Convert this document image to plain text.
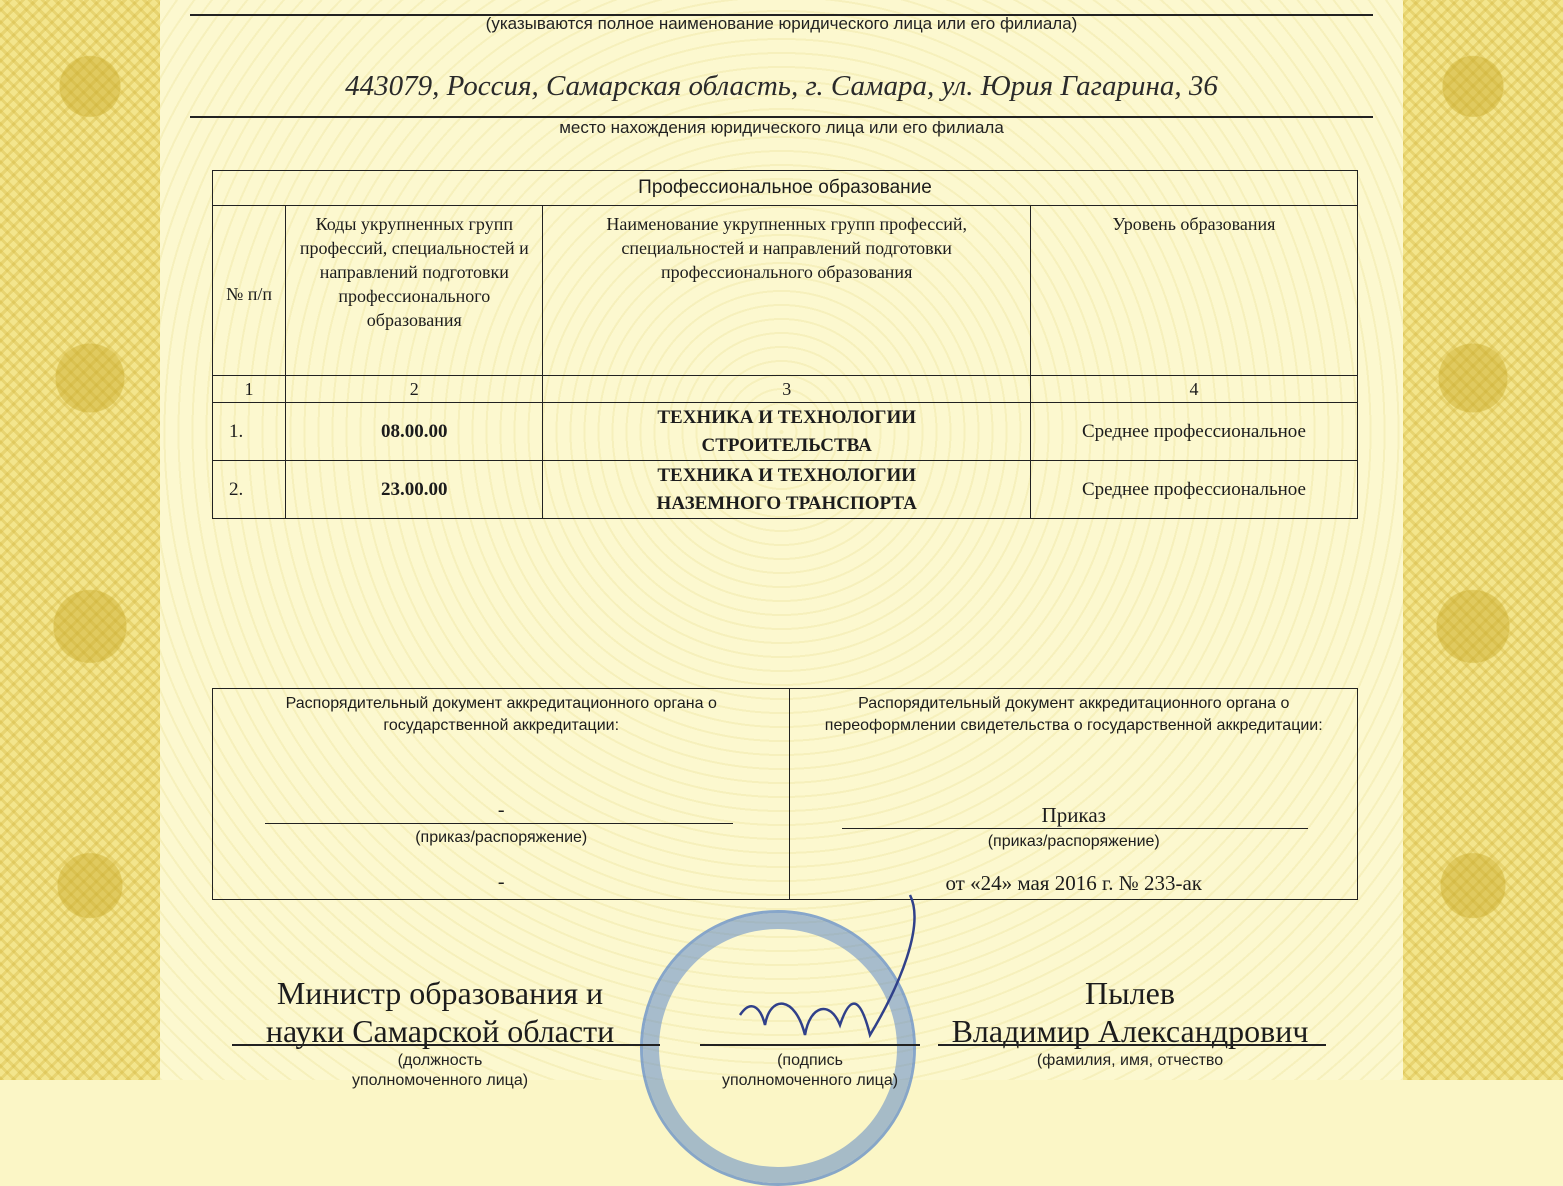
(указываются полное наименование юридического лица или его филиала)
443079, Россия, Самарская область, г. Самара, ул. Юрия Гагарина, 36
место нахождения юридического лица или его филиала
Профессиональное образование			
№ п/п	Коды укрупненных групп профессий, специальностей и направлений подготовки профессионального образования	Наименование укрупненных групп профессий, специальностей и направлений подготовки профессионального образования	Уровень образования
1	2	3	4
1.	08.00.00	ТЕХНИКА И ТЕХНОЛОГИИ СТРОИТЕЛЬСТВА	Среднее профессиональное
2.	23.00.00	ТЕХНИКА И ТЕХНОЛОГИИ НАЗЕМНОГО ТРАНСПОРТА	Среднее профессиональное
Распорядительный документ аккредитационного органа о государственной аккредитации:
-
(приказ/распоряжение)
-

Распорядительный документ аккредитационного органа о переоформлении свидетельства о государственной аккредитации:
Приказ
(приказ/распоряжение)
от «24» мая 2016 г. № 233-ак
Министр образования и
науки Самарской области
(должность
уполномоченного лица)
(подпись
уполномоченного лица)
Пылев
Владимир Александрович
(фамилия, имя, отчество
